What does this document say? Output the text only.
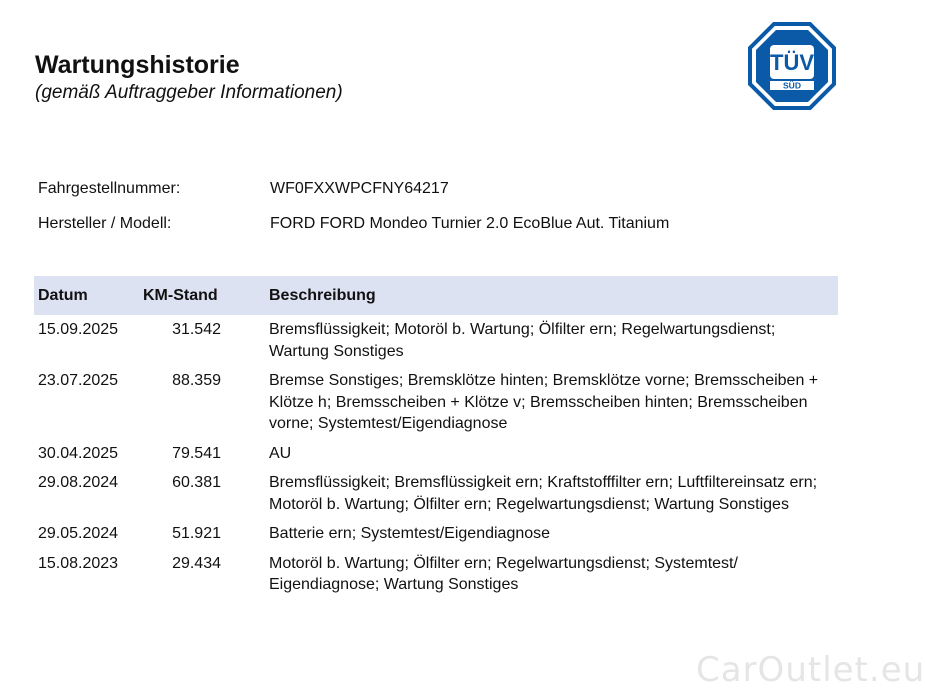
Wartungshistorie
(gemäß Auftraggeber Informationen)
TÜV
SÜD
Fahrgestellnummer:	WF0FXXWPCFNY64217
Hersteller / Modell:	FORD FORD Mondeo Turnier 2.0 EcoBlue Aut. Titanium
Datum	KM-Stand	Beschreibung
15.09.2025	31.542	Bremsflüssigkeit; Motoröl b. Wartung; Ölfilter ern; Regelwartungsdienst; Wartung Sonstiges
23.07.2025	88.359	Bremse Sonstiges; Bremsklötze hinten; Bremsklötze vorne; Bremsscheiben + Klötze h; Bremsscheiben + Klötze v; Bremsscheiben hinten; Bremsscheiben vorne; Systemtest/Eigendiagnose
30.04.2025	79.541	AU
29.08.2024	60.381	Bremsflüssigkeit; Bremsflüssigkeit ern; Kraftstofffilter ern; Luftfiltereinsatz ern; Motoröl b. Wartung; Ölfilter ern; Regelwartungsdienst; Wartung Sonstiges
29.05.2024	51.921	Batterie ern; Systemtest/Eigendiagnose
15.08.2023	29.434	Motoröl b. Wartung; Ölfilter ern; Regelwartungsdienst; Systemtest/ Eigendiagnose; Wartung Sonstiges
CarOutlet.eu
